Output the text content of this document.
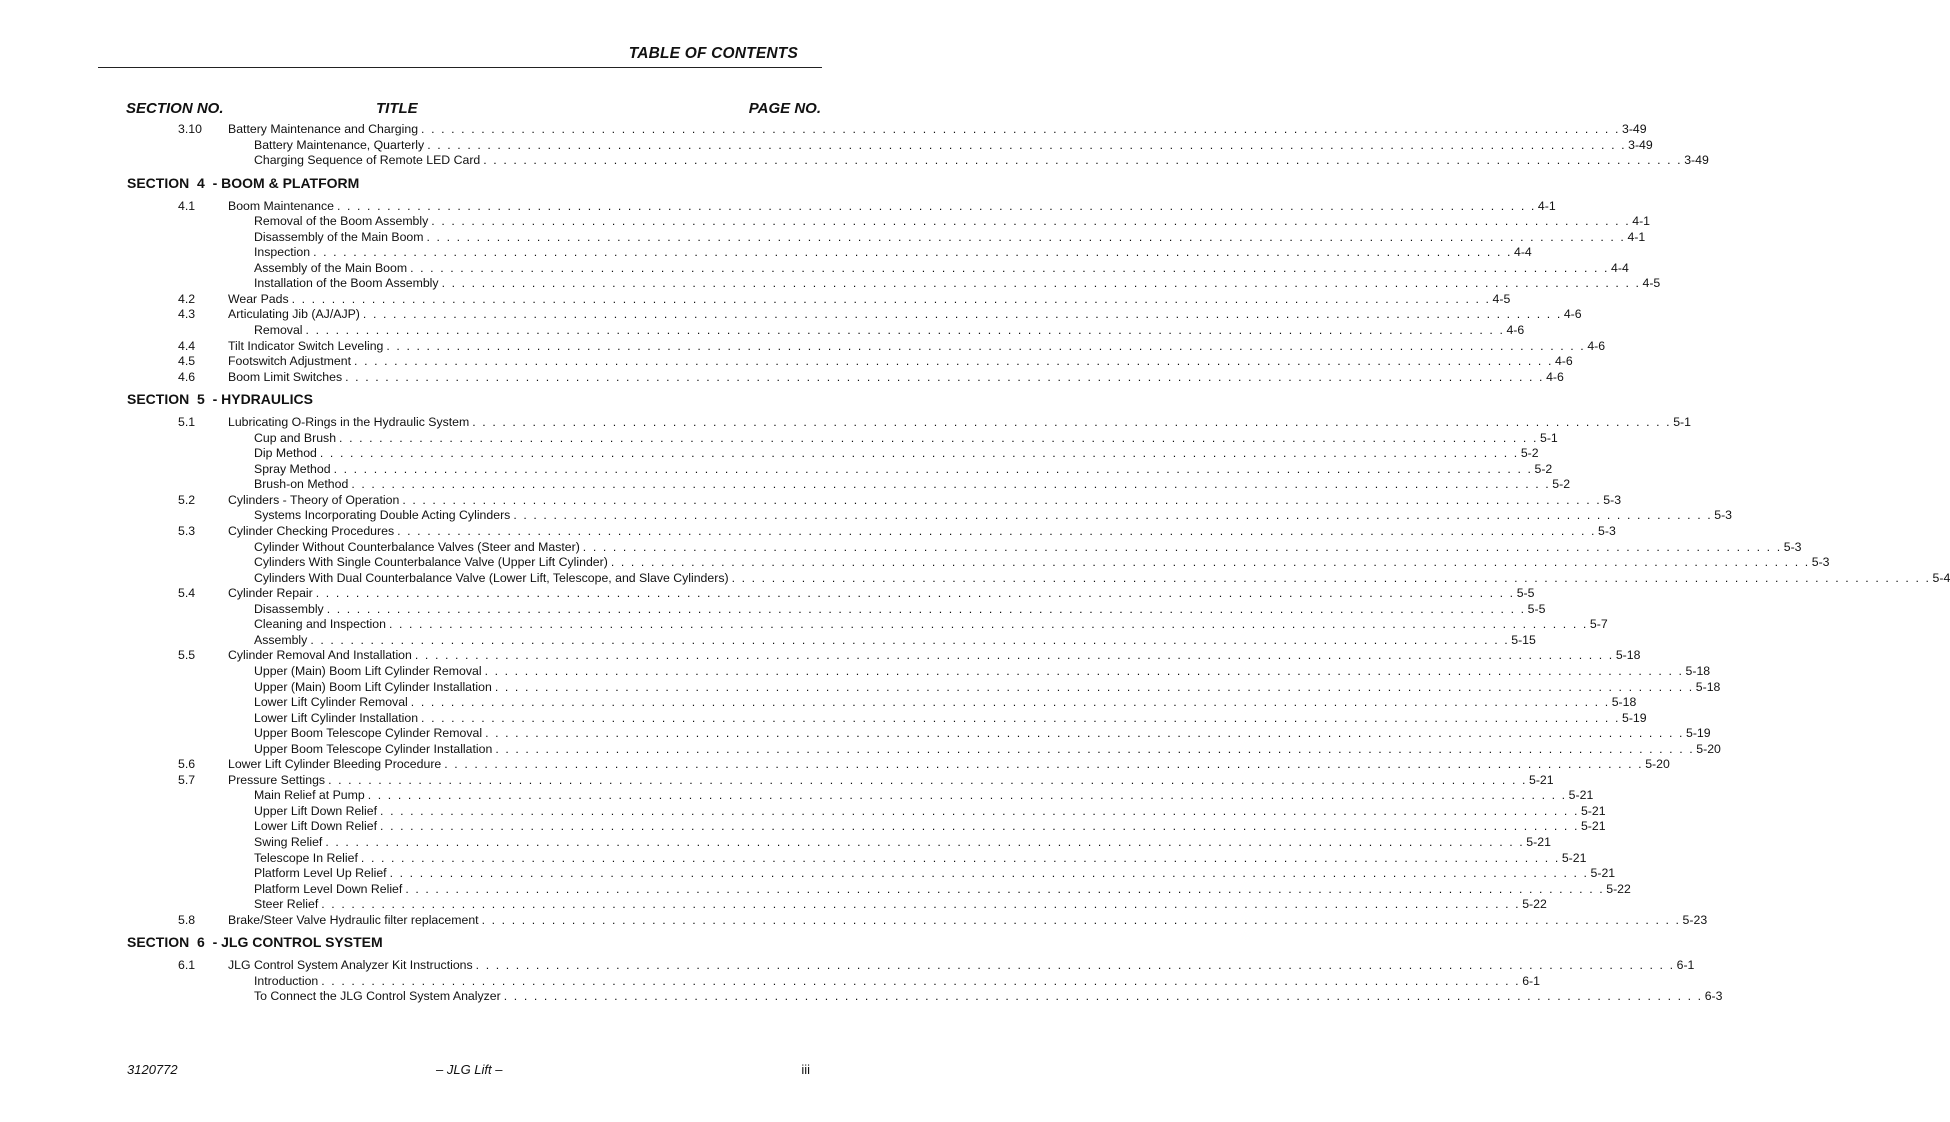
TABLE OF CONTENTS
SECTION NO.	TITLE	PAGE NO.
3.10 Battery Maintenance and Charging . . . . . . . . . . . . . . . . . . . . . . . . . . . . . . . . . . . . . . . . . . . . . . . . . . . . . . . . . . . . . . . . . . . . . . . . . . . . . . . . . . . . . . . . . . . . . . . . . . . . . . . . . . . . . . . . . . . . . . . . 3-49
Battery Maintenance, Quarterly . . . . . . . . . . . . . . . . . . . . . . . . . . . . . . . . . . . . . . . . . . . . . . . . . . . . . . . . . . . . . . . . . . . . . . . . . . . . . . . . . . . . . . . . . . . . . . . . . . . . . . . . . . . . . . . . . . . . . . . . 3-49
Charging Sequence of Remote LED Card . . . . . . . . . . . . . . . . . . . . . . . . . . . . . . . . . . . . . . . . . . . . . . . . . . . . . . . . . . . . . . . . . . . . . . . . . . . . . . . . . . . . . . . . . . . . . . . . . . . . . . . . . . . . . . . . . . . . . . . . 3-49
SECTION  4  - BOOM & PLATFORM
4.1	Boom Maintenance . . . . . . . . . . . . . . . . . . . . . . . . . . . . . . . . . . . . . . . . . . . . . . . . . . . . . . . . . . . . . . . . . . . . . . . . . . . . . . . . . . . . . . . . . . . . . . . . . . . . . . . . . . . . . . . . . . . . . . . . 4-1
Removal of the Boom Assembly . . . . . . . . . . . . . . . . . . . . . . . . . . . . . . . . . . . . . . . . . . . . . . . . . . . . . . . . . . . . . . . . . . . . . . . . . . . . . . . . . . . . . . . . . . . . . . . . . . . . . . . . . . . . . . . . . . . . . . . . 4-1
Disassembly of the Main Boom . . . . . . . . . . . . . . . . . . . . . . . . . . . . . . . . . . . . . . . . . . . . . . . . . . . . . . . . . . . . . . . . . . . . . . . . . . . . . . . . . . . . . . . . . . . . . . . . . . . . . . . . . . . . . . . . . . . . . . . . 4-1
Inspection . . . . . . . . . . . . . . . . . . . . . . . . . . . . . . . . . . . . . . . . . . . . . . . . . . . . . . . . . . . . . . . . . . . . . . . . . . . . . . . . . . . . . . . . . . . . . . . . . . . . . . . . . . . . . . . . . . . . . . . . 4-4
Assembly of the Main Boom . . . . . . . . . . . . . . . . . . . . . . . . . . . . . . . . . . . . . . . . . . . . . . . . . . . . . . . . . . . . . . . . . . . . . . . . . . . . . . . . . . . . . . . . . . . . . . . . . . . . . . . . . . . . . . . . . . . . . . . . 4-4
Installation of the Boom Assembly . . . . . . . . . . . . . . . . . . . . . . . . . . . . . . . . . . . . . . . . . . . . . . . . . . . . . . . . . . . . . . . . . . . . . . . . . . . . . . . . . . . . . . . . . . . . . . . . . . . . . . . . . . . . . . . . . . . . . . . . 4-5
4.2	Wear Pads . . . . . . . . . . . . . . . . . . . . . . . . . . . . . . . . . . . . . . . . . . . . . . . . . . . . . . . . . . . . . . . . . . . . . . . . . . . . . . . . . . . . . . . . . . . . . . . . . . . . . . . . . . . . . . . . . . . . . . . . 4-5
4.3	Articulating Jib (AJ/AJP) . . . . . . . . . . . . . . . . . . . . . . . . . . . . . . . . . . . . . . . . . . . . . . . . . . . . . . . . . . . . . . . . . . . . . . . . . . . . . . . . . . . . . . . . . . . . . . . . . . . . . . . . . . . . . . . . . . . . . . . . 4-6
Removal . . . . . . . . . . . . . . . . . . . . . . . . . . . . . . . . . . . . . . . . . . . . . . . . . . . . . . . . . . . . . . . . . . . . . . . . . . . . . . . . . . . . . . . . . . . . . . . . . . . . . . . . . . . . . . . . . . . . . . . . 4-6
4.4	Tilt Indicator Switch Leveling . . . . . . . . . . . . . . . . . . . . . . . . . . . . . . . . . . . . . . . . . . . . . . . . . . . . . . . . . . . . . . . . . . . . . . . . . . . . . . . . . . . . . . . . . . . . . . . . . . . . . . . . . . . . . . . . . . . . . . . . 4-6
4.5	Footswitch Adjustment . . . . . . . . . . . . . . . . . . . . . . . . . . . . . . . . . . . . . . . . . . . . . . . . . . . . . . . . . . . . . . . . . . . . . . . . . . . . . . . . . . . . . . . . . . . . . . . . . . . . . . . . . . . . . . . . . . . . . . . . 4-6
4.6	Boom Limit Switches . . . . . . . . . . . . . . . . . . . . . . . . . . . . . . . . . . . . . . . . . . . . . . . . . . . . . . . . . . . . . . . . . . . . . . . . . . . . . . . . . . . . . . . . . . . . . . . . . . . . . . . . . . . . . . . . . . . . . . . . 4-6
SECTION  5  - HYDRAULICS
5.1	Lubricating O-Rings in the Hydraulic System . . . . . . . . . . . . . . . . . . . . . . . . . . . . . . . . . . . . . . . . . . . . . . . . . . . . . . . . . . . . . . . . . . . . . . . . . . . . . . . . . . . . . . . . . . . . . . . . . . . . . . . . . . . . . . . . . . . . . . . . 5-1
Cup and Brush . . . . . . . . . . . . . . . . . . . . . . . . . . . . . . . . . . . . . . . . . . . . . . . . . . . . . . . . . . . . . . . . . . . . . . . . . . . . . . . . . . . . . . . . . . . . . . . . . . . . . . . . . . . . . . . . . . . . . . . . 5-1
Dip Method . . . . . . . . . . . . . . . . . . . . . . . . . . . . . . . . . . . . . . . . . . . . . . . . . . . . . . . . . . . . . . . . . . . . . . . . . . . . . . . . . . . . . . . . . . . . . . . . . . . . . . . . . . . . . . . . . . . . . . . . 5-2
Spray Method . . . . . . . . . . . . . . . . . . . . . . . . . . . . . . . . . . . . . . . . . . . . . . . . . . . . . . . . . . . . . . . . . . . . . . . . . . . . . . . . . . . . . . . . . . . . . . . . . . . . . . . . . . . . . . . . . . . . . . . . 5-2
Brush-on Method . . . . . . . . . . . . . . . . . . . . . . . . . . . . . . . . . . . . . . . . . . . . . . . . . . . . . . . . . . . . . . . . . . . . . . . . . . . . . . . . . . . . . . . . . . . . . . . . . . . . . . . . . . . . . . . . . . . . . . . . 5-2
5.2	Cylinders - Theory of Operation . . . . . . . . . . . . . . . . . . . . . . . . . . . . . . . . . . . . . . . . . . . . . . . . . . . . . . . . . . . . . . . . . . . . . . . . . . . . . . . . . . . . . . . . . . . . . . . . . . . . . . . . . . . . . . . . . . . . . . . . 5-3
Systems Incorporating Double Acting Cylinders . . . . . . . . . . . . . . . . . . . . . . . . . . . . . . . . . . . . . . . . . . . . . . . . . . . . . . . . . . . . . . . . . . . . . . . . . . . . . . . . . . . . . . . . . . . . . . . . . . . . . . . . . . . . . . . . . . . . . . . . 5-3
5.3	Cylinder Checking Procedures . . . . . . . . . . . . . . . . . . . . . . . . . . . . . . . . . . . . . . . . . . . . . . . . . . . . . . . . . . . . . . . . . . . . . . . . . . . . . . . . . . . . . . . . . . . . . . . . . . . . . . . . . . . . . . . . . . . . . . . . 5-3
Cylinder Without Counterbalance Valves (Steer and Master) . . . . . . . . . . . . . . . . . . . . . . . . . . . . . . . . . . . . . . . . . . . . . . . . . . . . . . . . . . . . . . . . . . . . . . . . . . . . . . . . . . . . . . . . . . . . . . . . . . . . . . . . . . . . . . . . . . . . . . . . 5-3
Cylinders With Single Counterbalance Valve (Upper Lift Cylinder) . . . . . . . . . . . . . . . . . . . . . . . . . . . . . . . . . . . . . . . . . . . . . . . . . . . . . . . . . . . . . . . . . . . . . . . . . . . . . . . . . . . . . . . . . . . . . . . . . . . . . . . . . . . . . . . . . . . . . . . . 5-3
Cylinders With Dual Counterbalance Valve (Lower Lift, Telescope, and Slave Cylinders) . . . . . . . . . . . . . . . . . . . . . . . . . . . . . . . . . . . . . . . . . . . . . . . . . . . . . . . . . . . . . . . . . . . . . . . . . . . . . . . . . . . . . . . . . . . . . . . . . . . . . . . . . . . . . . . . . . . . . . . . 5-4
5.4	Cylinder Repair . . . . . . . . . . . . . . . . . . . . . . . . . . . . . . . . . . . . . . . . . . . . . . . . . . . . . . . . . . . . . . . . . . . . . . . . . . . . . . . . . . . . . . . . . . . . . . . . . . . . . . . . . . . . . . . . . . . . . . . . 5-5
Disassembly . . . . . . . . . . . . . . . . . . . . . . . . . . . . . . . . . . . . . . . . . . . . . . . . . . . . . . . . . . . . . . . . . . . . . . . . . . . . . . . . . . . . . . . . . . . . . . . . . . . . . . . . . . . . . . . . . . . . . . . . 5-5
Cleaning and Inspection . . . . . . . . . . . . . . . . . . . . . . . . . . . . . . . . . . . . . . . . . . . . . . . . . . . . . . . . . . . . . . . . . . . . . . . . . . . . . . . . . . . . . . . . . . . . . . . . . . . . . . . . . . . . . . . . . . . . . . . . 5-7
Assembly . . . . . . . . . . . . . . . . . . . . . . . . . . . . . . . . . . . . . . . . . . . . . . . . . . . . . . . . . . . . . . . . . . . . . . . . . . . . . . . . . . . . . . . . . . . . . . . . . . . . . . . . . . . . . . . . . . . . . . . . 5-15
5.5	Cylinder Removal And Installation . . . . . . . . . . . . . . . . . . . . . . . . . . . . . . . . . . . . . . . . . . . . . . . . . . . . . . . . . . . . . . . . . . . . . . . . . . . . . . . . . . . . . . . . . . . . . . . . . . . . . . . . . . . . . . . . . . . . . . . . 5-18
Upper (Main) Boom Lift Cylinder Removal . . . . . . . . . . . . . . . . . . . . . . . . . . . . . . . . . . . . . . . . . . . . . . . . . . . . . . . . . . . . . . . . . . . . . . . . . . . . . . . . . . . . . . . . . . . . . . . . . . . . . . . . . . . . . . . . . . . . . . . . 5-18
Upper (Main) Boom Lift Cylinder Installation . . . . . . . . . . . . . . . . . . . . . . . . . . . . . . . . . . . . . . . . . . . . . . . . . . . . . . . . . . . . . . . . . . . . . . . . . . . . . . . . . . . . . . . . . . . . . . . . . . . . . . . . . . . . . . . . . . . . . . . . 5-18
Lower Lift Cylinder Removal . . . . . . . . . . . . . . . . . . . . . . . . . . . . . . . . . . . . . . . . . . . . . . . . . . . . . . . . . . . . . . . . . . . . . . . . . . . . . . . . . . . . . . . . . . . . . . . . . . . . . . . . . . . . . . . . . . . . . . . . 5-18
Lower Lift Cylinder Installation . . . . . . . . . . . . . . . . . . . . . . . . . . . . . . . . . . . . . . . . . . . . . . . . . . . . . . . . . . . . . . . . . . . . . . . . . . . . . . . . . . . . . . . . . . . . . . . . . . . . . . . . . . . . . . . . . . . . . . . . 5-19
Upper Boom Telescope Cylinder Removal . . . . . . . . . . . . . . . . . . . . . . . . . . . . . . . . . . . . . . . . . . . . . . . . . . . . . . . . . . . . . . . . . . . . . . . . . . . . . . . . . . . . . . . . . . . . . . . . . . . . . . . . . . . . . . . . . . . . . . . . 5-19
Upper Boom Telescope Cylinder Installation . . . . . . . . . . . . . . . . . . . . . . . . . . . . . . . . . . . . . . . . . . . . . . . . . . . . . . . . . . . . . . . . . . . . . . . . . . . . . . . . . . . . . . . . . . . . . . . . . . . . . . . . . . . . . . . . . . . . . . . . 5-20
5.6	Lower Lift Cylinder Bleeding Procedure . . . . . . . . . . . . . . . . . . . . . . . . . . . . . . . . . . . . . . . . . . . . . . . . . . . . . . . . . . . . . . . . . . . . . . . . . . . . . . . . . . . . . . . . . . . . . . . . . . . . . . . . . . . . . . . . . . . . . . . . 5-20
5.7	Pressure Settings . . . . . . . . . . . . . . . . . . . . . . . . . . . . . . . . . . . . . . . . . . . . . . . . . . . . . . . . . . . . . . . . . . . . . . . . . . . . . . . . . . . . . . . . . . . . . . . . . . . . . . . . . . . . . . . . . . . . . . . . 5-21
Main Relief at Pump . . . . . . . . . . . . . . . . . . . . . . . . . . . . . . . . . . . . . . . . . . . . . . . . . . . . . . . . . . . . . . . . . . . . . . . . . . . . . . . . . . . . . . . . . . . . . . . . . . . . . . . . . . . . . . . . . . . . . . . . 5-21
Upper Lift Down Relief . . . . . . . . . . . . . . . . . . . . . . . . . . . . . . . . . . . . . . . . . . . . . . . . . . . . . . . . . . . . . . . . . . . . . . . . . . . . . . . . . . . . . . . . . . . . . . . . . . . . . . . . . . . . . . . . . . . . . . . . 5-21
Lower Lift Down Relief . . . . . . . . . . . . . . . . . . . . . . . . . . . . . . . . . . . . . . . . . . . . . . . . . . . . . . . . . . . . . . . . . . . . . . . . . . . . . . . . . . . . . . . . . . . . . . . . . . . . . . . . . . . . . . . . . . . . . . . . 5-21
Swing Relief . . . . . . . . . . . . . . . . . . . . . . . . . . . . . . . . . . . . . . . . . . . . . . . . . . . . . . . . . . . . . . . . . . . . . . . . . . . . . . . . . . . . . . . . . . . . . . . . . . . . . . . . . . . . . . . . . . . . . . . . 5-21
Telescope In Relief . . . . . . . . . . . . . . . . . . . . . . . . . . . . . . . . . . . . . . . . . . . . . . . . . . . . . . . . . . . . . . . . . . . . . . . . . . . . . . . . . . . . . . . . . . . . . . . . . . . . . . . . . . . . . . . . . . . . . . . . 5-21
Platform Level Up Relief . . . . . . . . . . . . . . . . . . . . . . . . . . . . . . . . . . . . . . . . . . . . . . . . . . . . . . . . . . . . . . . . . . . . . . . . . . . . . . . . . . . . . . . . . . . . . . . . . . . . . . . . . . . . . . . . . . . . . . . . 5-21
Platform Level Down Relief . . . . . . . . . . . . . . . . . . . . . . . . . . . . . . . . . . . . . . . . . . . . . . . . . . . . . . . . . . . . . . . . . . . . . . . . . . . . . . . . . . . . . . . . . . . . . . . . . . . . . . . . . . . . . . . . . . . . . . . . 5-22
Steer Relief . . . . . . . . . . . . . . . . . . . . . . . . . . . . . . . . . . . . . . . . . . . . . . . . . . . . . . . . . . . . . . . . . . . . . . . . . . . . . . . . . . . . . . . . . . . . . . . . . . . . . . . . . . . . . . . . . . . . . . . . 5-22
5.8	Brake/Steer Valve Hydraulic filter replacement . . . . . . . . . . . . . . . . . . . . . . . . . . . . . . . . . . . . . . . . . . . . . . . . . . . . . . . . . . . . . . . . . . . . . . . . . . . . . . . . . . . . . . . . . . . . . . . . . . . . . . . . . . . . . . . . . . . . . . . . 5-23
SECTION  6  - JLG CONTROL SYSTEM
6.1	JLG Control System Analyzer Kit Instructions . . . . . . . . . . . . . . . . . . . . . . . . . . . . . . . . . . . . . . . . . . . . . . . . . . . . . . . . . . . . . . . . . . . . . . . . . . . . . . . . . . . . . . . . . . . . . . . . . . . . . . . . . . . . . . . . . . . . . . . . 6-1
Introduction . . . . . . . . . . . . . . . . . . . . . . . . . . . . . . . . . . . . . . . . . . . . . . . . . . . . . . . . . . . . . . . . . . . . . . . . . . . . . . . . . . . . . . . . . . . . . . . . . . . . . . . . . . . . . . . . . . . . . . . . 6-1
To Connect the JLG Control System Analyzer . . . . . . . . . . . . . . . . . . . . . . . . . . . . . . . . . . . . . . . . . . . . . . . . . . . . . . . . . . . . . . . . . . . . . . . . . . . . . . . . . . . . . . . . . . . . . . . . . . . . . . . . . . . . . . . . . . . . . . . . 6-3
3120772	– JLG Lift –	iii
